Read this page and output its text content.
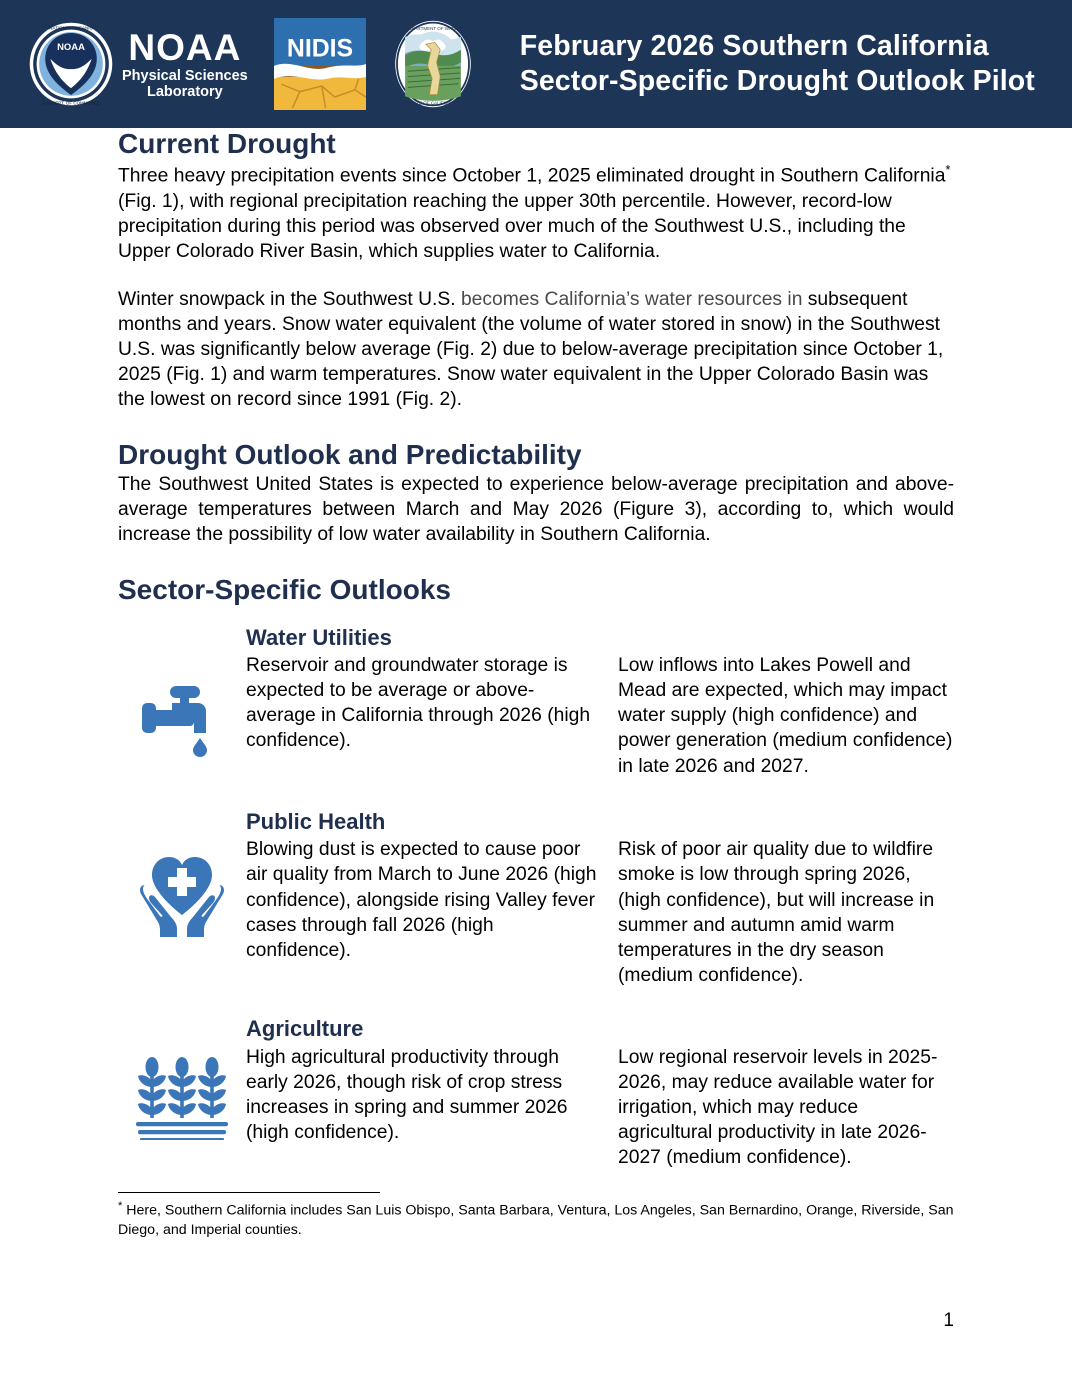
NOAA
NATIONAL OCEANIC
U.S. DEPT. OF COMMERCE
NOAA
Physical Sciences
Laboratory
NIDIS
DEPARTMENT OF WATER
STATE OF CALIFORNIA
February 2026 Southern California
Sector-Specific Drought Outlook Pilot
Current Drought

Three heavy precipitation events since October 1, 2025 eliminated drought in Southern California* (Fig. 1), with regional precipitation reaching the upper 30th percentile. However, record-low precipitation during this period was observed over much of the Southwest U.S., including the Upper Colorado River Basin, which supplies water to California.

Winter snowpack in the Southwest U.S. becomes California’s water resources in subsequent months and years. Snow water equivalent (the volume of water stored in snow) in the Southwest U.S. was significantly below average (Fig. 2) due to below-average precipitation since October 1, 2025 (Fig. 1) and warm temperatures. Snow water equivalent in the Upper Colorado Basin was the lowest on record since 1991 (Fig. 2).

Drought Outlook and Predictability

The Southwest United States is expected to experience below-average precipitation and above-average temperatures between March and May 2026 (Figure 3), according to, which would increase the possibility of low water availability in Southern California.

Sector-Specific Outlooks
Water Utilities

Reservoir and groundwater storage is expected to be average or above-average in California through 2026 (high confidence).

Low inflows into Lakes Powell and Mead are expected, which may impact water supply (high confidence) and power generation (medium confidence) in late 2026 and 2027.

Public Health

Blowing dust is expected to cause poor air quality from March to June 2026 (high confidence), alongside rising Valley fever cases through fall 2026 (high confidence).

Risk of poor air quality due to wildfire smoke is low through spring 2026, (high confidence), but will increase in summer and autumn amid warm temperatures in the dry season (medium confidence).

Agriculture

High agricultural productivity through early 2026, though risk of crop stress increases in spring and summer 2026 (high confidence).

Low regional reservoir levels in 2025-2026, may reduce available water for irrigation, which may reduce agricultural productivity in late 2026-2027 (medium confidence).

* Here, Southern California includes San Luis Obispo, Santa Barbara, Ventura, Los Angeles, San Bernardino, Orange, Riverside, San Diego, and Imperial counties.

1
